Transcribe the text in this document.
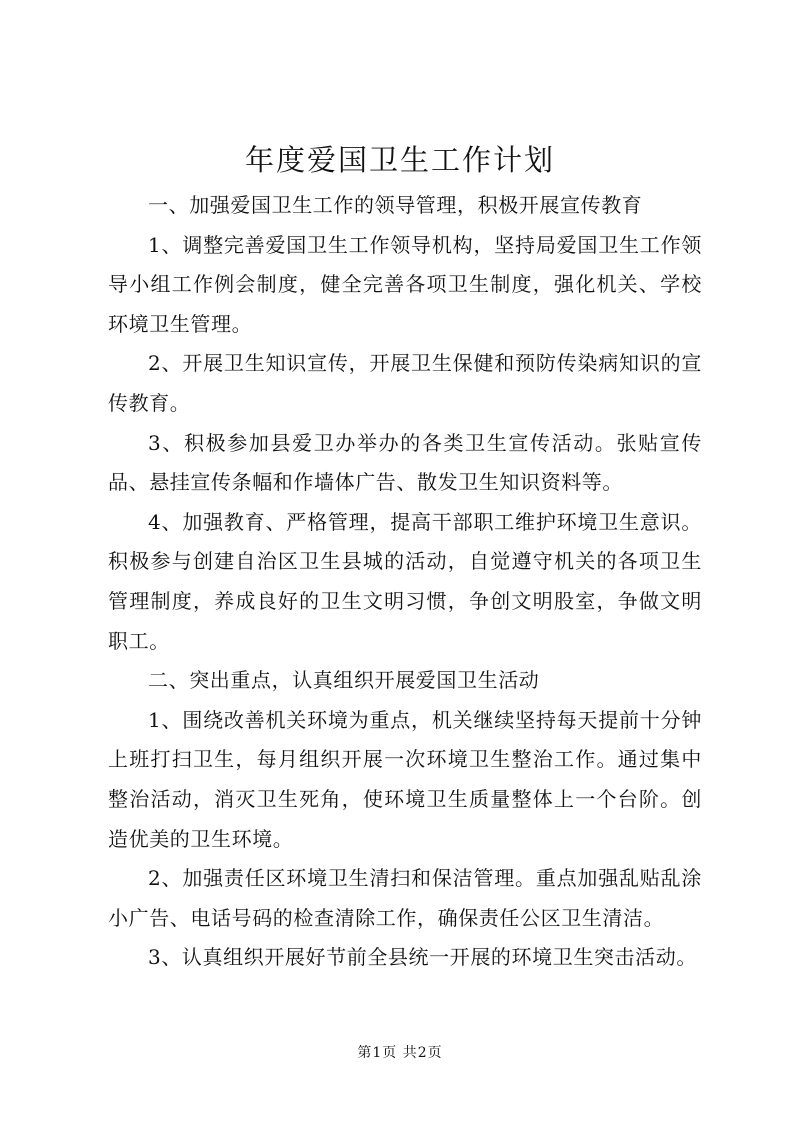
年度爱国卫生工作计划

一、加强爱国卫生工作的领导管理，积极开展宣传教育

1、调整完善爱国卫生工作领导机构，坚持局爱国卫生工作领导小组工作例会制度，健全完善各项卫生制度，强化机关、学校环境卫生管理。

2、开展卫生知识宣传，开展卫生保健和预防传染病知识的宣传教育。

3、积极参加县爱卫办举办的各类卫生宣传活动。张贴宣传品、悬挂宣传条幅和作墙体广告、散发卫生知识资料等。

4、加强教育、严格管理，提高干部职工维护环境卫生意识。积极参与创建自治区卫生县城的活动，自觉遵守机关的各项卫生管理制度，养成良好的卫生文明习惯，争创文明股室，争做文明职工。

二、突出重点，认真组织开展爱国卫生活动

1、围绕改善机关环境为重点，机关继续坚持每天提前十分钟上班打扫卫生，每月组织开展一次环境卫生整治工作。通过集中整治活动，消灭卫生死角，使环境卫生质量整体上一个台阶。创造优美的卫生环境。

2、加强责任区环境卫生清扫和保洁管理。重点加强乱贴乱涂小广告、电话号码的检查清除工作，确保责任公区卫生清洁。

3、认真组织开展好节前全县统一开展的环境卫生突击活动。

第1页 共2页
